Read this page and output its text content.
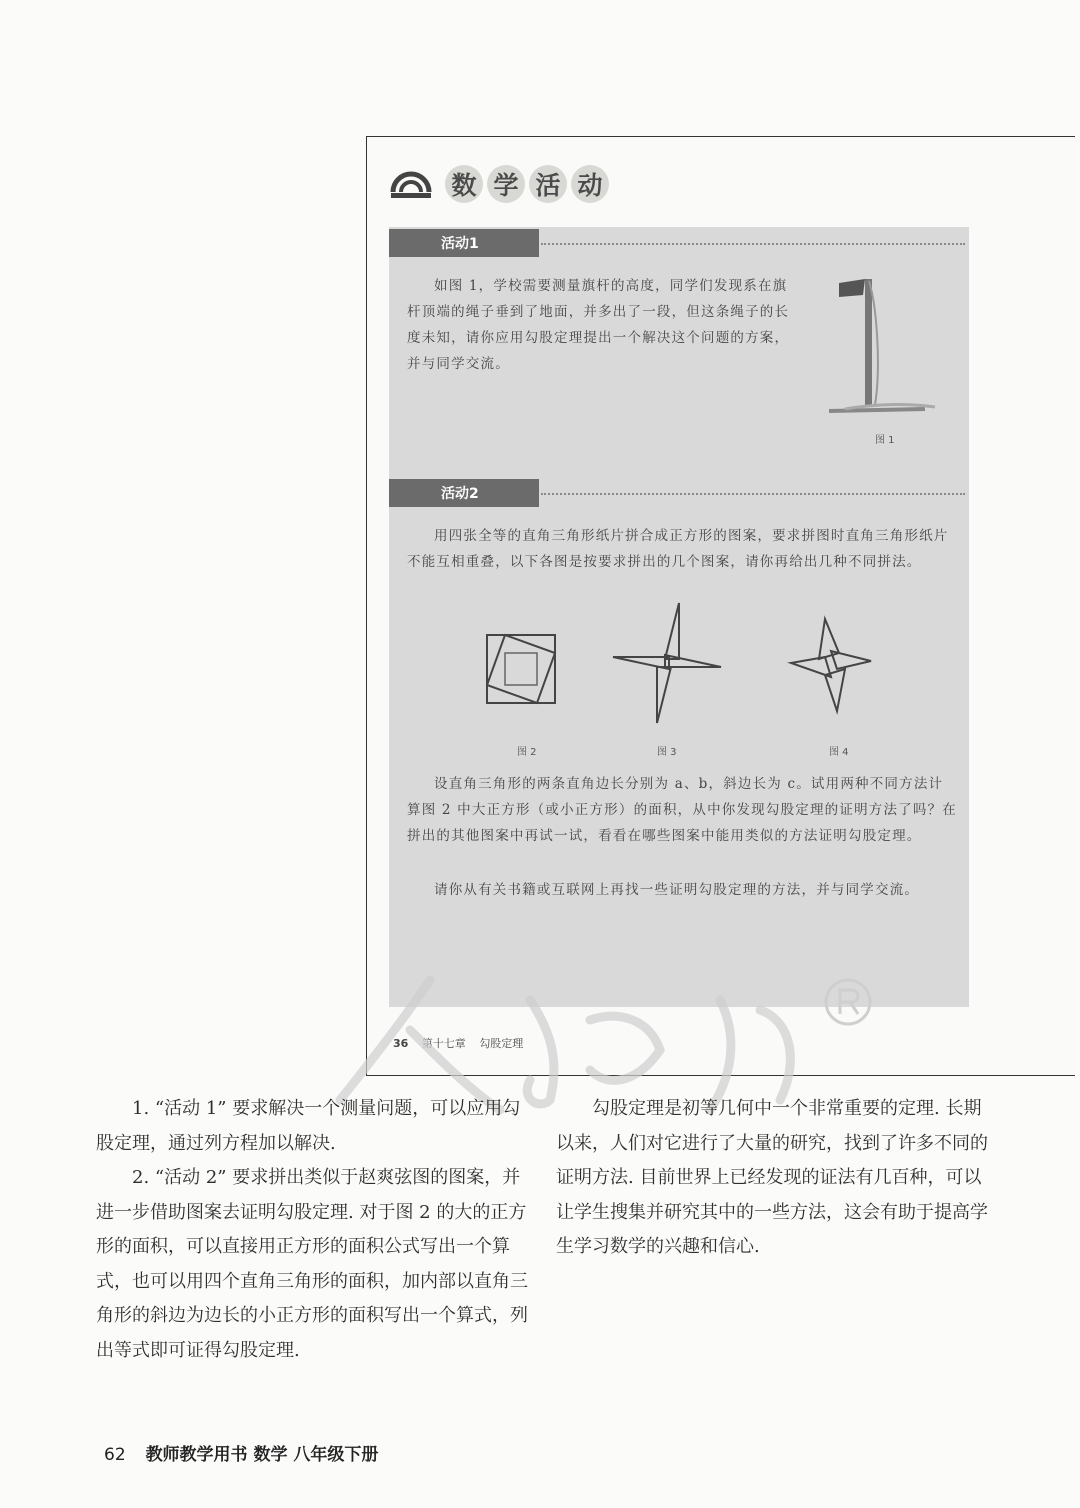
数 学 活 动
活动1

如图 1，学校需要测量旗杆的高度，同学们发现系在旗杆顶端的绳子垂到了地面，并多出了一段，但这条绳子的长度未知，请你应用勾股定理提出一个解决这个问题的方案，并与同学交流。

图 1
活动2

用四张全等的直角三角形纸片拼合成正方形的图案，要求拼图时直角三角形纸片不能互相重叠，以下各图是按要求拼出的几个图案，请你再给出几种不同拼法。

图 2	图 3	图 4

设直角三角形的两条直角边长分别为 a、b，斜边长为 c。试用两种不同方法计算图 2 中大正方形（或小正方形）的面积，从中你发现勾股定理的证明方法了吗？在拼出的其他图案中再试一试，看看在哪些图案中能用类似的方法证明勾股定理。

请你从有关书籍或互联网上再找一些证明勾股定理的方法，并与同学交流。

36 第十七章 勾股定理

1. “活动 1” 要求解决一个测量问题，可以应用勾股定理，通过列方程加以解决.

2. “活动 2” 要求拼出类似于赵爽弦图的图案，并进一步借助图案去证明勾股定理. 对于图 2 的大的正方形的面积，可以直接用正方形的面积公式写出一个算式，也可以用四个直角三角形的面积，加内部以直角三角形的斜边为边长的小正方形的面积写出一个算式，列出等式即可证得勾股定理.

勾股定理是初等几何中一个非常重要的定理. 长期以来，人们对它进行了大量的研究，找到了许多不同的证明方法. 目前世界上已经发现的证法有几百种，可以让学生搜集并研究其中的一些方法，这会有助于提高学生学习数学的兴趣和信心.

62 教师教学用书 数学 八年级下册
